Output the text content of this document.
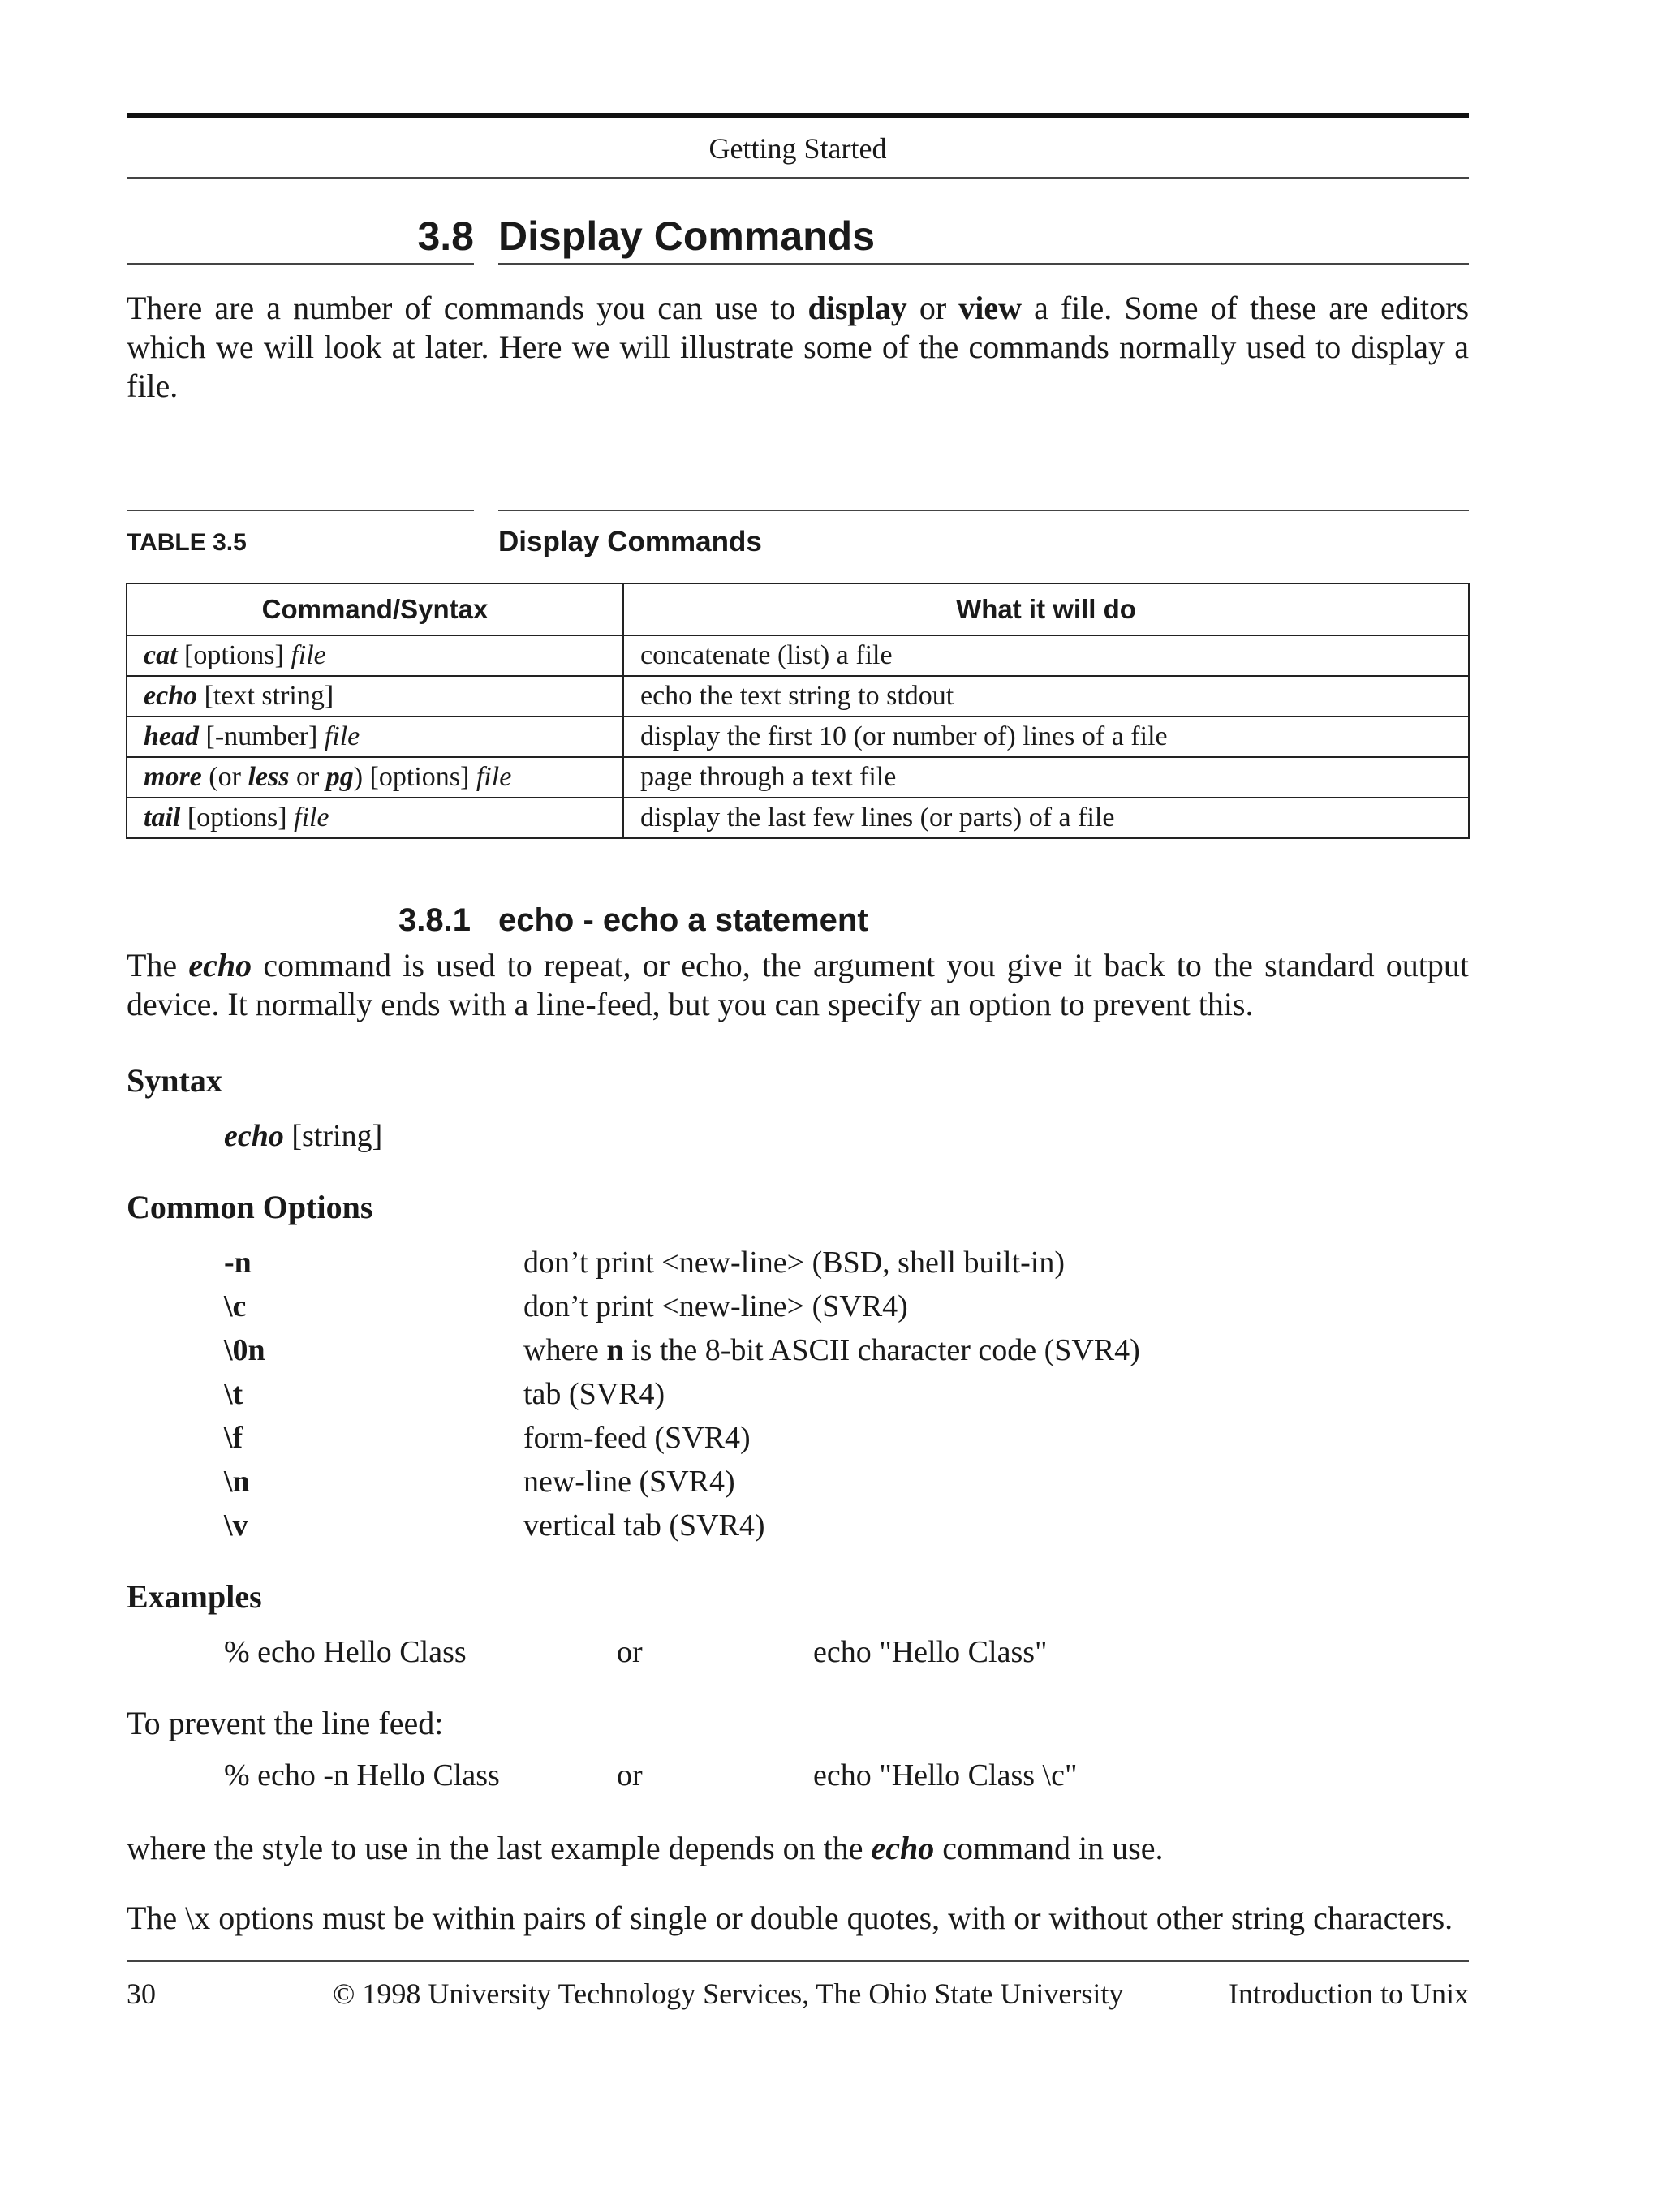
Getting Started
3.8 Display Commands

There are a number of commands you can use to display or view a file. Some of these are editors which we will look at later. Here we will illustrate some of the commands normally used to display a file.

TABLE 3.5	Display Commands
Command/Syntax	What it will do
cat [options] file	concatenate (list) a file
echo [text string]	echo the text string to stdout
head [-number] file	display the first 10 (or number of) lines of a file
more (or less or pg) [options] file	page through a text file
tail [options] file	display the last few lines (or parts) of a file
3.8.1 echo - echo a statement

The echo command is used to repeat, or echo, the argument you give it back to the standard output device. It normally ends with a line-feed, but you can specify an option to prevent this.

Syntax
echo [string]
Common Options
-n	don’t print <new-line> (BSD, shell built-in)
\c	don’t print <new-line> (SVR4)
\0n	where n is the 8-bit ASCII character code (SVR4)
\t	tab (SVR4)
\f	form-feed (SVR4)
\n	new-line (SVR4)
\v	vertical tab (SVR4)
Examples
% echo Hello Class	or	echo "Hello Class"
To prevent the line feed:
% echo -n Hello Class	or	echo "Hello Class \c"

where the style to use in the last example depends on the echo command in use.

The \x options must be within pairs of single or double quotes, with or without other string characters.

30	© 1998 University Technology Services, The Ohio State University	Introduction to Unix
